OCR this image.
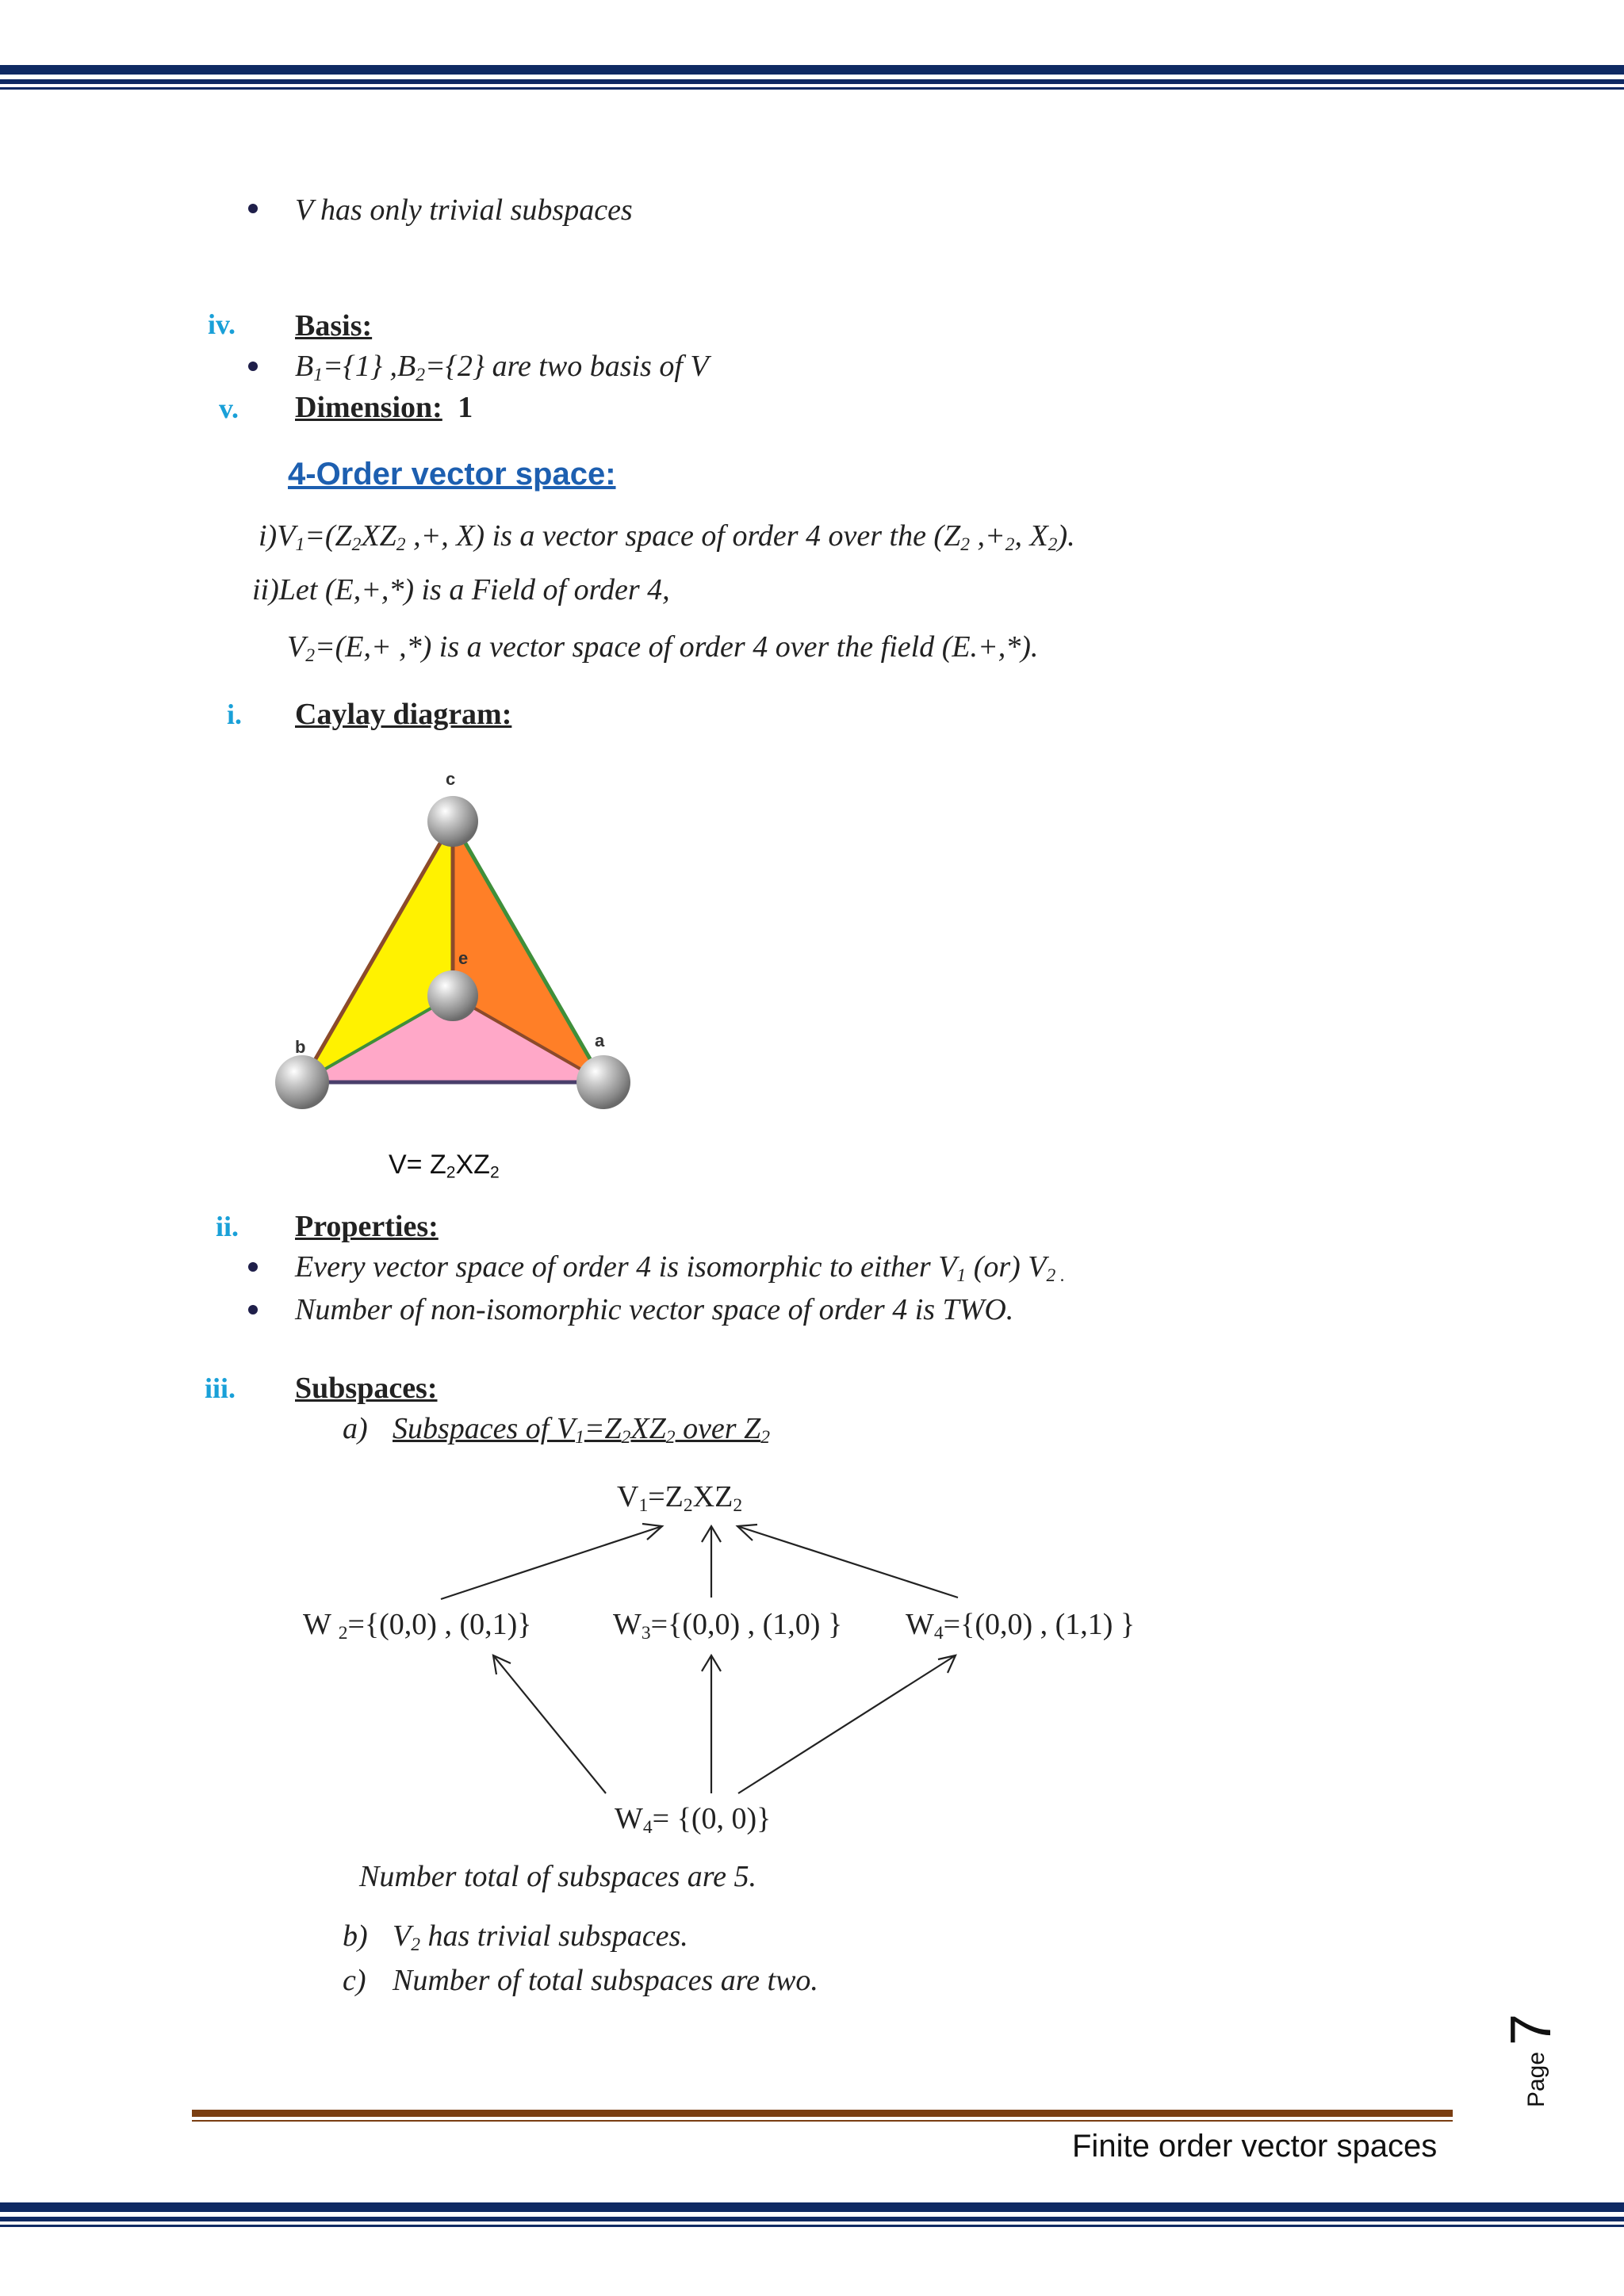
V has only trivial subspaces
iv. Basis:
$B_1=\{1\}$ $,B_2=\{2\}$ are two basis of V
v. Dimension: 1
4-Order vector space:
$i)V_1=(Z_2XZ_2$ ,+, X) is a vector space of order 4 over the ($Z_2$ $,+_2$, $X_2$).
ii)Let (E,+,*) is a Field of order 4,
$V_2=(E,+$ ,*) is a vector space of order 4 over the field (E.+,*).
i. Caylay diagram:
c
e
b	a
$V= Z_2XZ_2$
ii. Properties:
Every vector space of order 4 is isomorphic to either $V_1$ (or) $V_{2 .}$
Number of non-isomorphic vector space of order 4 is TWO.
iii. Subspaces:
a) Subspaces of $V_1=Z_2XZ_2$ over $Z_2$
$V_1=Z_2XZ_2$
W $_2$={(0,0) , (0,1)}	$W_3=\{(0,0)$ , (1,0) } $W_4=\{(0,0)$ , (1,1) }
$W_4= \{(0$, 0)}
Number total of subspaces are 5.
b) $V_2$ has trivial subspaces.
c) Number of total subspaces are two.
7
Page
Finite order vector spaces
